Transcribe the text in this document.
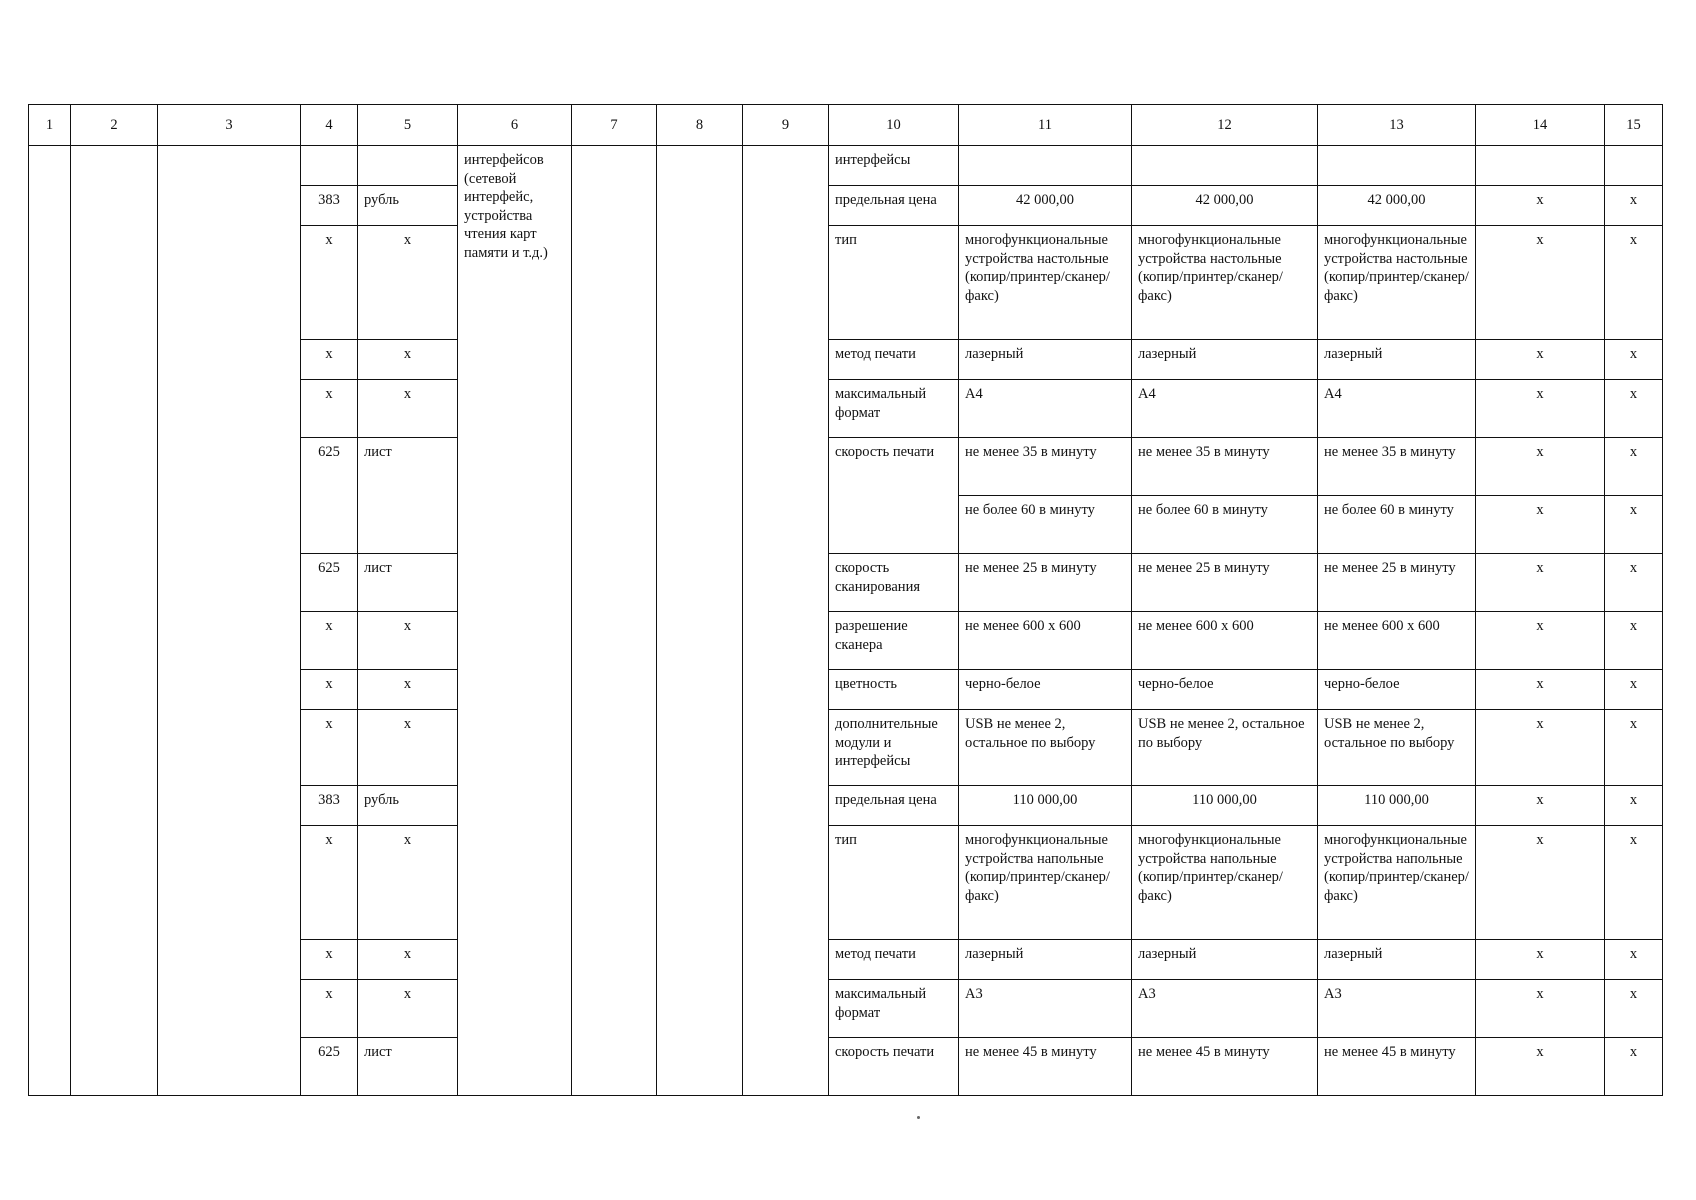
1	2	3	4	5	6	7	8	9	10	11	12	13	14	15
					интерфейсов (сетевой интерфейс, устройства чтения карт памяти и т.д.)				интерфейсы					
			383	рубль					предельная цена	42 000,00	42 000,00	42 000,00	x	x
			x	x					тип	многофункциональные устройства настольные (копир/принтер/сканер/факс)	многофункциональные устройства настольные (копир/принтер/сканер/факс)	многофункциональные устройства настольные (копир/принтер/сканер/факс)	x	x
			x	x					метод печати	лазерный	лазерный	лазерный	x	x
			x	x					максимальный формат	А4	А4	А4	x	x
			625	лист					скорость печати	не менее 35 в минуту	не менее 35 в минуту	не менее 35 в минуту	x	x
										не более 60 в минуту	не более 60 в минуту	не более 60 в минуту	x	x
			625	лист					скорость сканирования	не менее 25 в минуту	не менее 25 в минуту	не менее 25 в минуту	x	x
			x	x					разрешение сканера	не менее 600 x 600	не менее 600 x 600	не менее 600 x 600	x	x
			x	x					цветность	черно-белое	черно-белое	черно-белое	x	x
			x	x					дополнительные модули и интерфейсы	USB не менее 2, остальное по выбору	USB не менее 2, остальное по выбору	USB не менее 2, остальное по выбору	x	x
			383	рубль					предельная цена	110 000,00	110 000,00	110 000,00	x	x
			x	x					тип	многофункциональные устройства напольные (копир/принтер/сканер/факс)	многофункциональные устройства напольные (копир/принтер/сканер/факс)	многофункциональные устройства напольные (копир/принтер/сканер/факс)	x	x
			x	x					метод печати	лазерный	лазерный	лазерный	x	x
			x	x					максимальный формат	А3	А3	А3	x	x
			625	лист					скорость печати	не менее 45 в минуту	не менее 45 в минуту	не менее 45 в минуту	x	x
